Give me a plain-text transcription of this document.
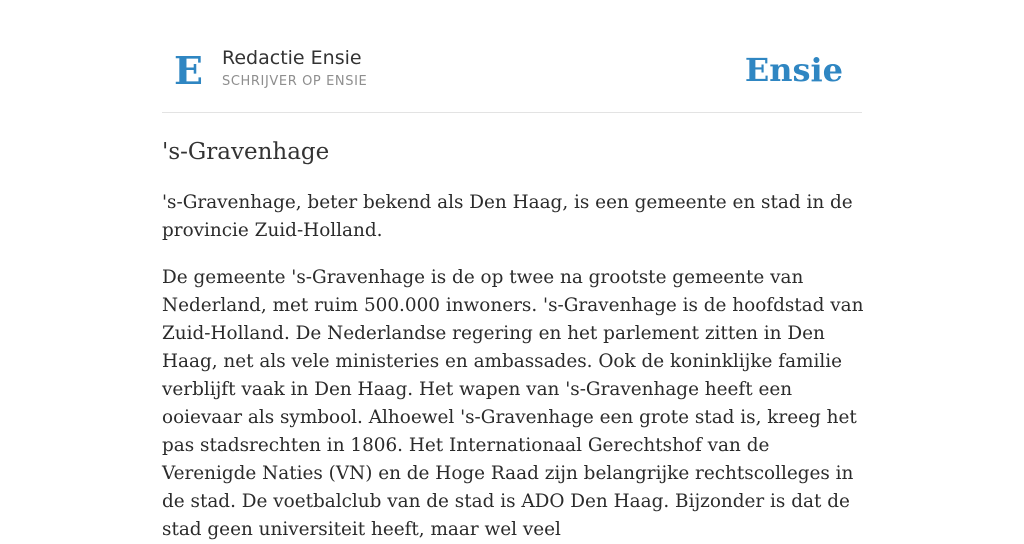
E Redactie Ensie
SCHRIJVER OP ENSIE	Ensie
's-Gravenhage

's-Gravenhage, beter bekend als Den Haag, is een gemeente en stad in de provincie Zuid-Holland.

De gemeente 's-Gravenhage is de op twee na grootste gemeente van Nederland, met ruim 500.000 inwoners. 's-Gravenhage is de hoofdstad van Zuid-Holland. De Nederlandse regering en het parlement zitten in Den Haag, net als vele ministeries en ambassades. Ook de koninklijke familie verblijft vaak in Den Haag. Het wapen van 's-Gravenhage heeft een ooievaar als symbool. Alhoewel 's-Gravenhage een grote stad is, kreeg het pas stadsrechten in 1806. Het Internationaal Gerechtshof van de Verenigde Naties (VN) en de Hoge Raad zijn belangrijke rechtscolleges in de stad. De voetbalclub van de stad is ADO Den Haag. Bijzonder is dat de stad geen universiteit heeft, maar wel veel
